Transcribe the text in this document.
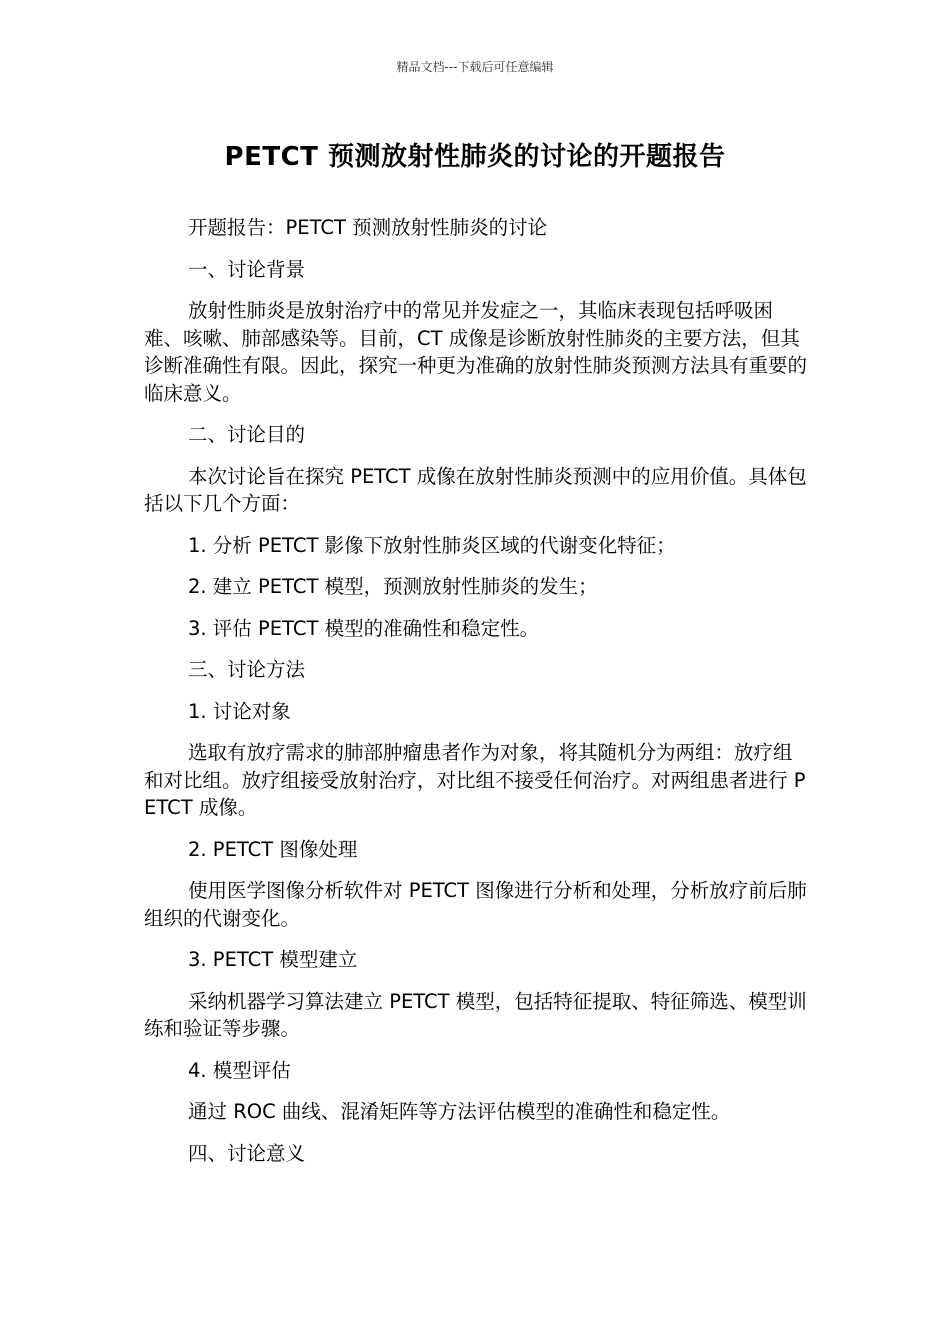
精品文档---下载后可任意编辑
PETCT 预测放射性肺炎的讨论的开题报告

开题报告：PETCT 预测放射性肺炎的讨论

一、讨论背景

放射性肺炎是放射治疗中的常见并发症之一，其临床表现包括呼吸困难、咳嗽、肺部感染等。目前，CT 成像是诊断放射性肺炎的主要方法，但其诊断准确性有限。因此，探究一种更为准确的放射性肺炎预测方法具有重要的临床意义。

二、讨论目的

本次讨论旨在探究 PETCT 成像在放射性肺炎预测中的应用价值。具体包括以下几个方面：

1. 分析 PETCT 影像下放射性肺炎区域的代谢变化特征；

2. 建立 PETCT 模型，预测放射性肺炎的发生；

3. 评估 PETCT 模型的准确性和稳定性。

三、讨论方法

1. 讨论对象

选取有放疗需求的肺部肿瘤患者作为对象，将其随机分为两组：放疗组和对比组。放疗组接受放射治疗，对比组不接受任何治疗。对两组患者进行 PETCT 成像。

2. PETCT 图像处理

使用医学图像分析软件对 PETCT 图像进行分析和处理，分析放疗前后肺组织的代谢变化。

3. PETCT 模型建立

采纳机器学习算法建立 PETCT 模型，包括特征提取、特征筛选、模型训练和验证等步骤。

4. 模型评估

通过 ROC 曲线、混淆矩阵等方法评估模型的准确性和稳定性。

四、讨论意义
